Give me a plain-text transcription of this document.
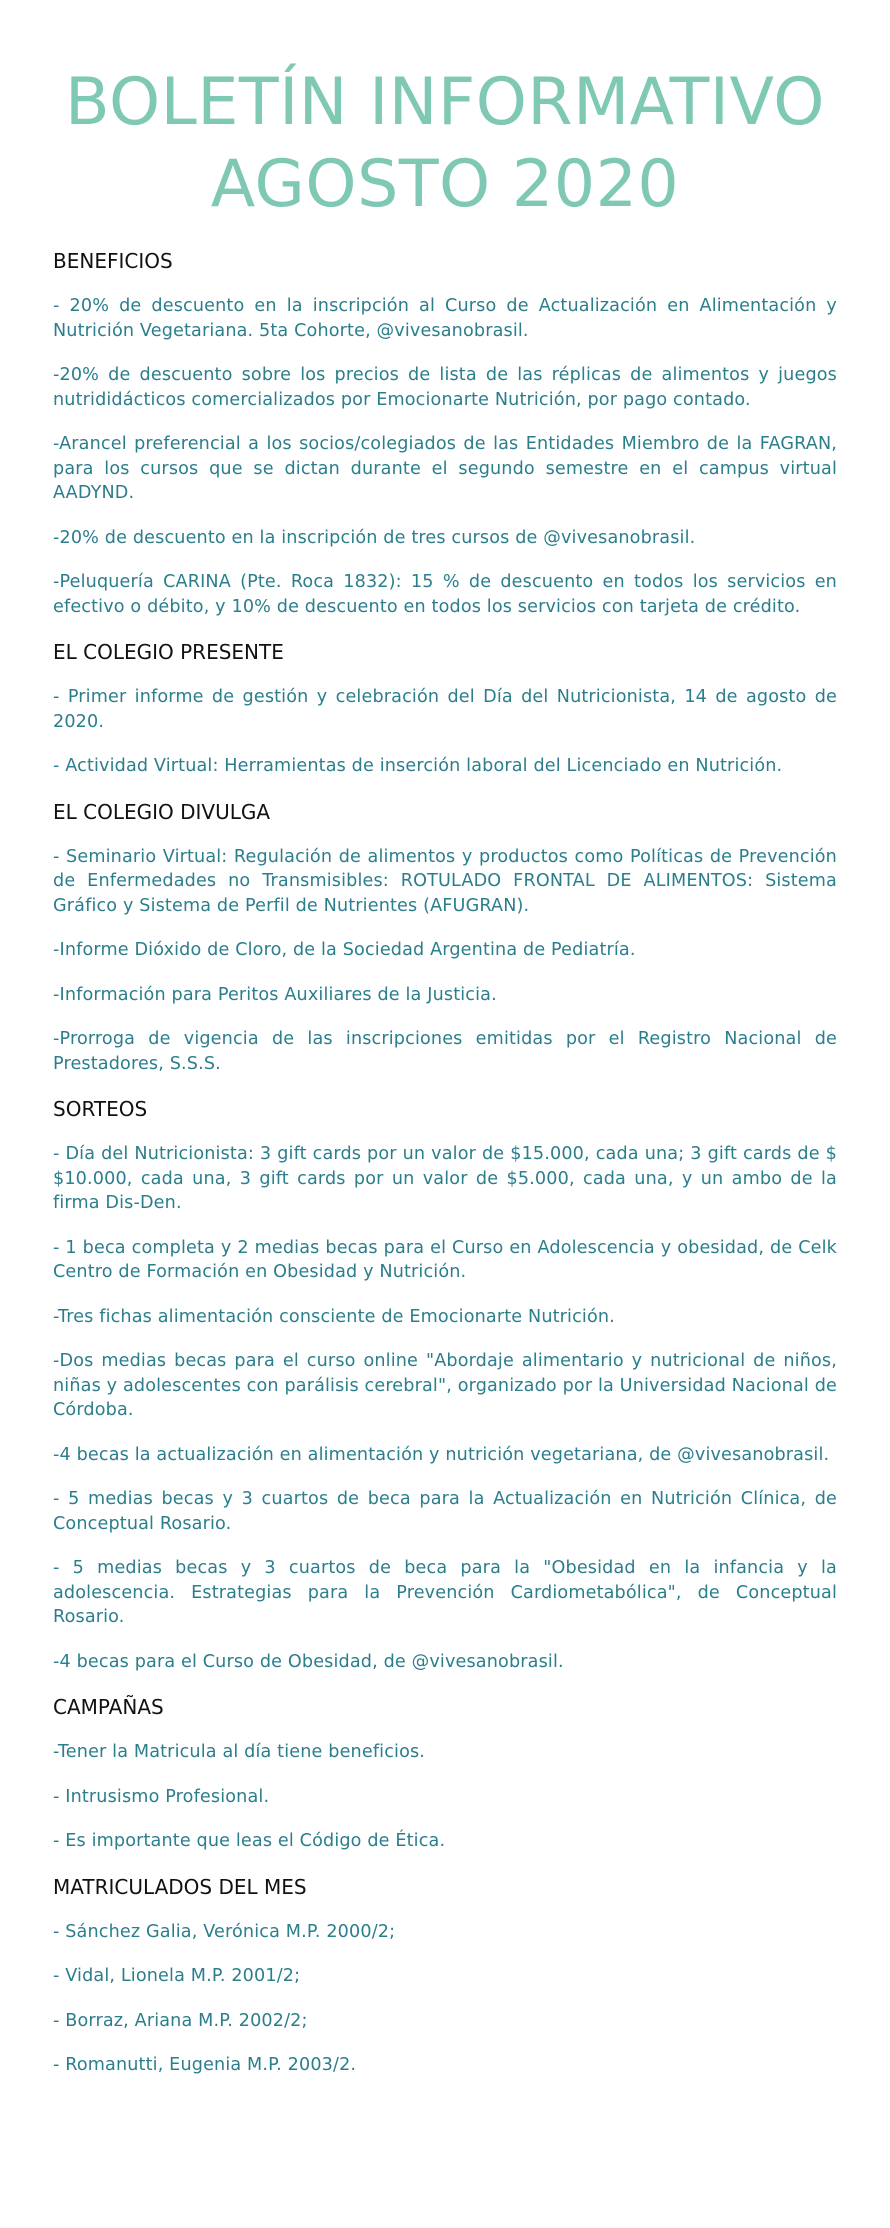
BOLETÍN INFORMATIVO
AGOSTO 2020
BENEFICIOS

- 20% de descuento en la inscripción al Curso de Actualización en Alimentación y Nutrición Vegetariana. 5ta Cohorte, @vivesanobrasil.

-20% de descuento sobre los precios de lista de las réplicas de alimentos y juegos nutrididácticos comercializados por Emocionarte Nutrición, por pago contado.

-Arancel preferencial a los socios/colegiados de las Entidades Miembro de la FAGRAN, para los cursos que se dictan durante el segundo semestre en el campus virtual AADYND.

-20% de descuento en la inscripción de tres cursos de @vivesanobrasil.

-Peluquería CARINA (Pte. Roca 1832): 15 % de descuento en todos los servicios en efectivo o débito, y 10% de descuento en todos los servicios con tarjeta de crédito.

EL COLEGIO PRESENTE

- Primer informe de gestión y celebración del Día del Nutricionista, 14 de agosto de 2020.

- Actividad Virtual: Herramientas de inserción laboral del Licenciado en Nutrición.

EL COLEGIO DIVULGA

- Seminario Virtual: Regulación de alimentos y productos como Políticas de Prevención de Enfermedades no Transmisibles: ROTULADO FRONTAL DE ALIMENTOS: Sistema Gráfico y Sistema de Perfil de Nutrientes (AFUGRAN).

-Informe Dióxido de Cloro, de la Sociedad Argentina de Pediatría.

-Información para Peritos Auxiliares de la Justicia.

-Prorroga de vigencia de las inscripciones emitidas por el Registro Nacional de Prestadores, S.S.S.

SORTEOS

- Día del Nutricionista: 3 gift cards por un valor de $15.000, cada una; 3 gift cards de $ $10.000, cada una, 3 gift cards por un valor de $5.000, cada una, y un ambo de la firma Dis-Den.

- 1 beca completa y 2 medias becas para el Curso en Adolescencia y obesidad, de Celk Centro de Formación en Obesidad y Nutrición.

-Tres fichas alimentación consciente de Emocionarte Nutrición.

-Dos medias becas para el curso online "Abordaje alimentario y nutricional de niños, niñas y adolescentes con parálisis cerebral", organizado por la Universidad Nacional de Córdoba.

-4 becas la actualización en alimentación y nutrición vegetariana, de @vivesanobrasil.

- 5 medias becas y 3 cuartos de beca para la Actualización en Nutrición Clínica, de Conceptual Rosario.

- 5 medias becas y 3 cuartos de beca para la "Obesidad en la infancia y la adolescencia. Estrategias para la Prevención Cardiometabólica", de Conceptual Rosario.

-4 becas para el Curso de Obesidad, de @vivesanobrasil.

CAMPAÑAS

-Tener la Matricula al día tiene beneficios.

- Intrusismo Profesional.

- Es importante que leas el Código de Ética.

MATRICULADOS DEL MES

- Sánchez Galia, Verónica M.P. 2000/2;

- Vidal, Lionela M.P. 2001/2;

- Borraz, Ariana M.P. 2002/2;

- Romanutti, Eugenia M.P. 2003/2.
